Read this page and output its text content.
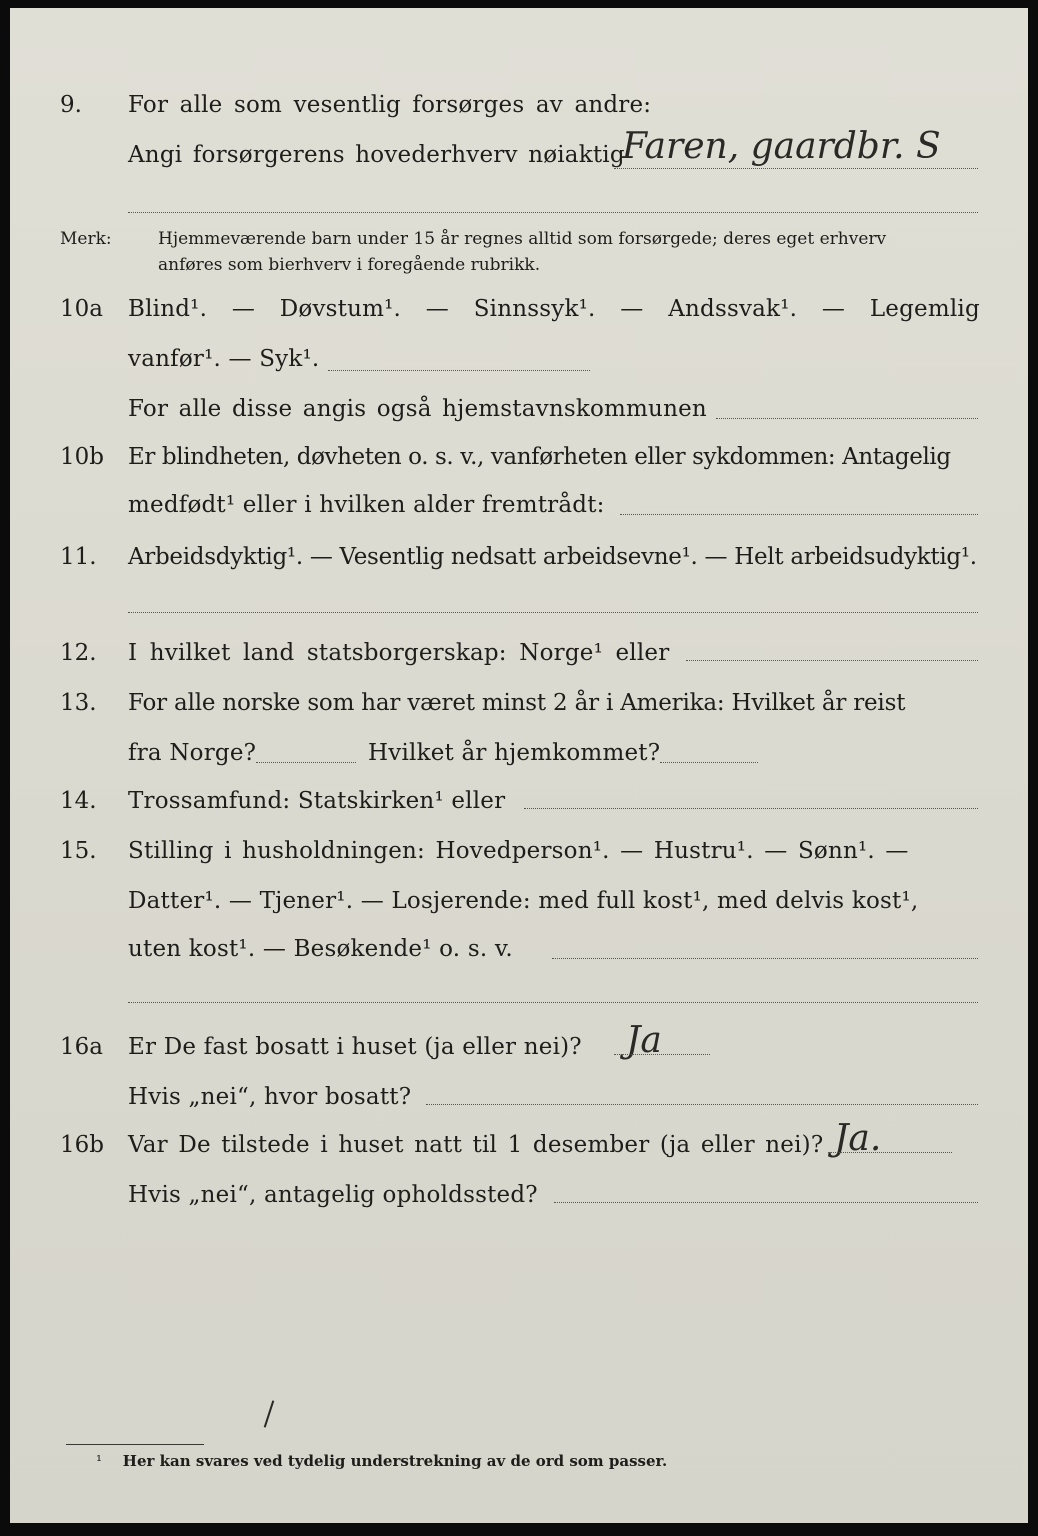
9. For alle som vesentlig forsørges av andre:
Angi forsørgerens hovederhverv nøiaktig
Faren, gaardbr. S
Merk:	Hjemmeværende barn under 15 år regnes alltid som forsørgede; deres eget erhverv
anføres som bierhverv i foregående rubrikk.
10a Blind¹. — Døvstum¹. — Sinnssyk¹. — Andssvak¹. — Legemlig
vanfør¹. — Syk¹.
For alle disse angis også hjemstavnskommunen
10b Er blindheten, døvheten o. s. v., vanførheten eller sykdommen: Antagelig
medfødt¹ eller i hvilken alder fremtrådt:
11. Arbeidsdyktig¹. — Vesentlig nedsatt arbeidsevne¹. — Helt arbeidsudyktig¹.
12. I hvilket land statsborgerskap: Norge¹ eller
13. For alle norske som har været minst 2 år i Amerika: Hvilket år reist
fra Norge?	Hvilket år hjemkommet?
14. Trossamfund: Statskirken¹ eller
15. Stilling i husholdningen: Hovedperson¹. — Hustru¹. — Sønn¹. —
Datter¹. — Tjener¹. — Losjerende: med full kost¹, med delvis kost¹,
uten kost¹. — Besøkende¹ o. s. v.
16a Er De fast bosatt i huset (ja eller nei)? Ja
Hvis „nei“, hvor bosatt?
16b Var De tilstede i huset natt til 1 desember (ja eller nei)? Ja.
Hvis „nei“, antagelig opholdssted?
¹ Her kan svares ved tydelig understrekning av de ord som passer.
